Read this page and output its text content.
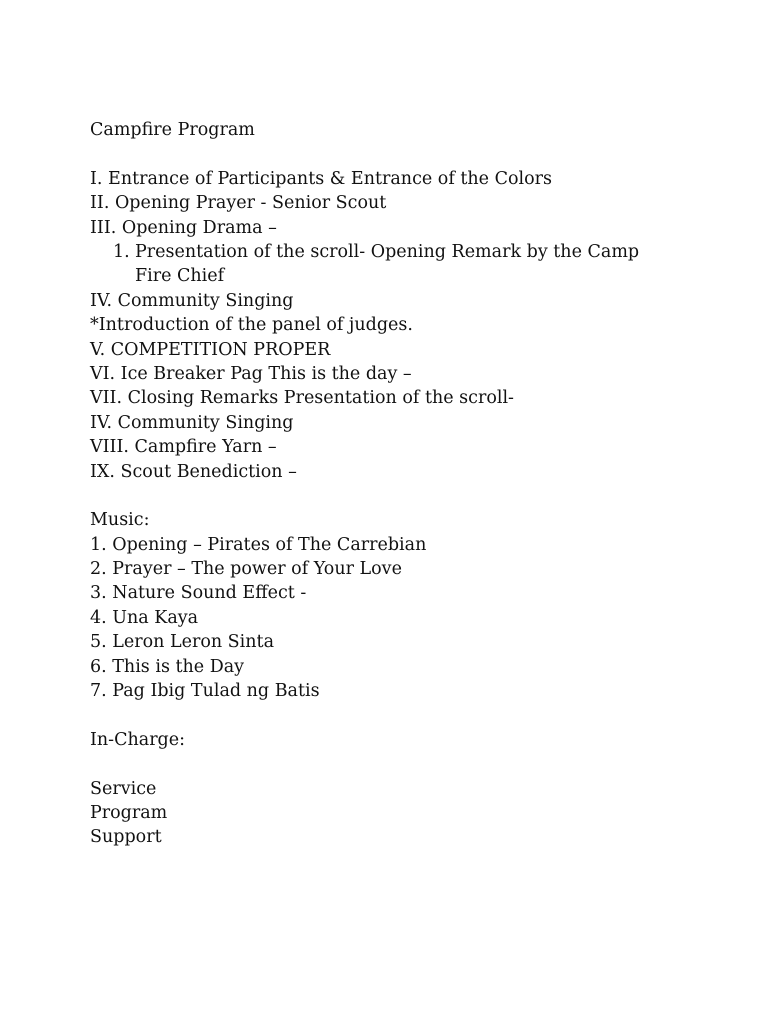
Campfire Program
I. Entrance of Participants & Entrance of the Colors
II. Opening Prayer - Senior Scout
III. Opening Drama –
1. Presentation of the scroll- Opening Remark by the Camp Fire Chief
IV. Community Singing
*Introduction of the panel of judges.
V. COMPETITION PROPER
VI. Ice Breaker Pag This is the day –
VII. Closing Remarks Presentation of the scroll-
IV. Community Singing
VIII. Campfire Yarn –
IX. Scout Benediction –
Music:
1. Opening – Pirates of The Carrebian
2. Prayer – The power of Your Love
3. Nature Sound Effect -
4. Una Kaya
5. Leron Leron Sinta
6. This is the Day
7. Pag Ibig Tulad ng Batis
In-Charge:
Service
Program
Support
